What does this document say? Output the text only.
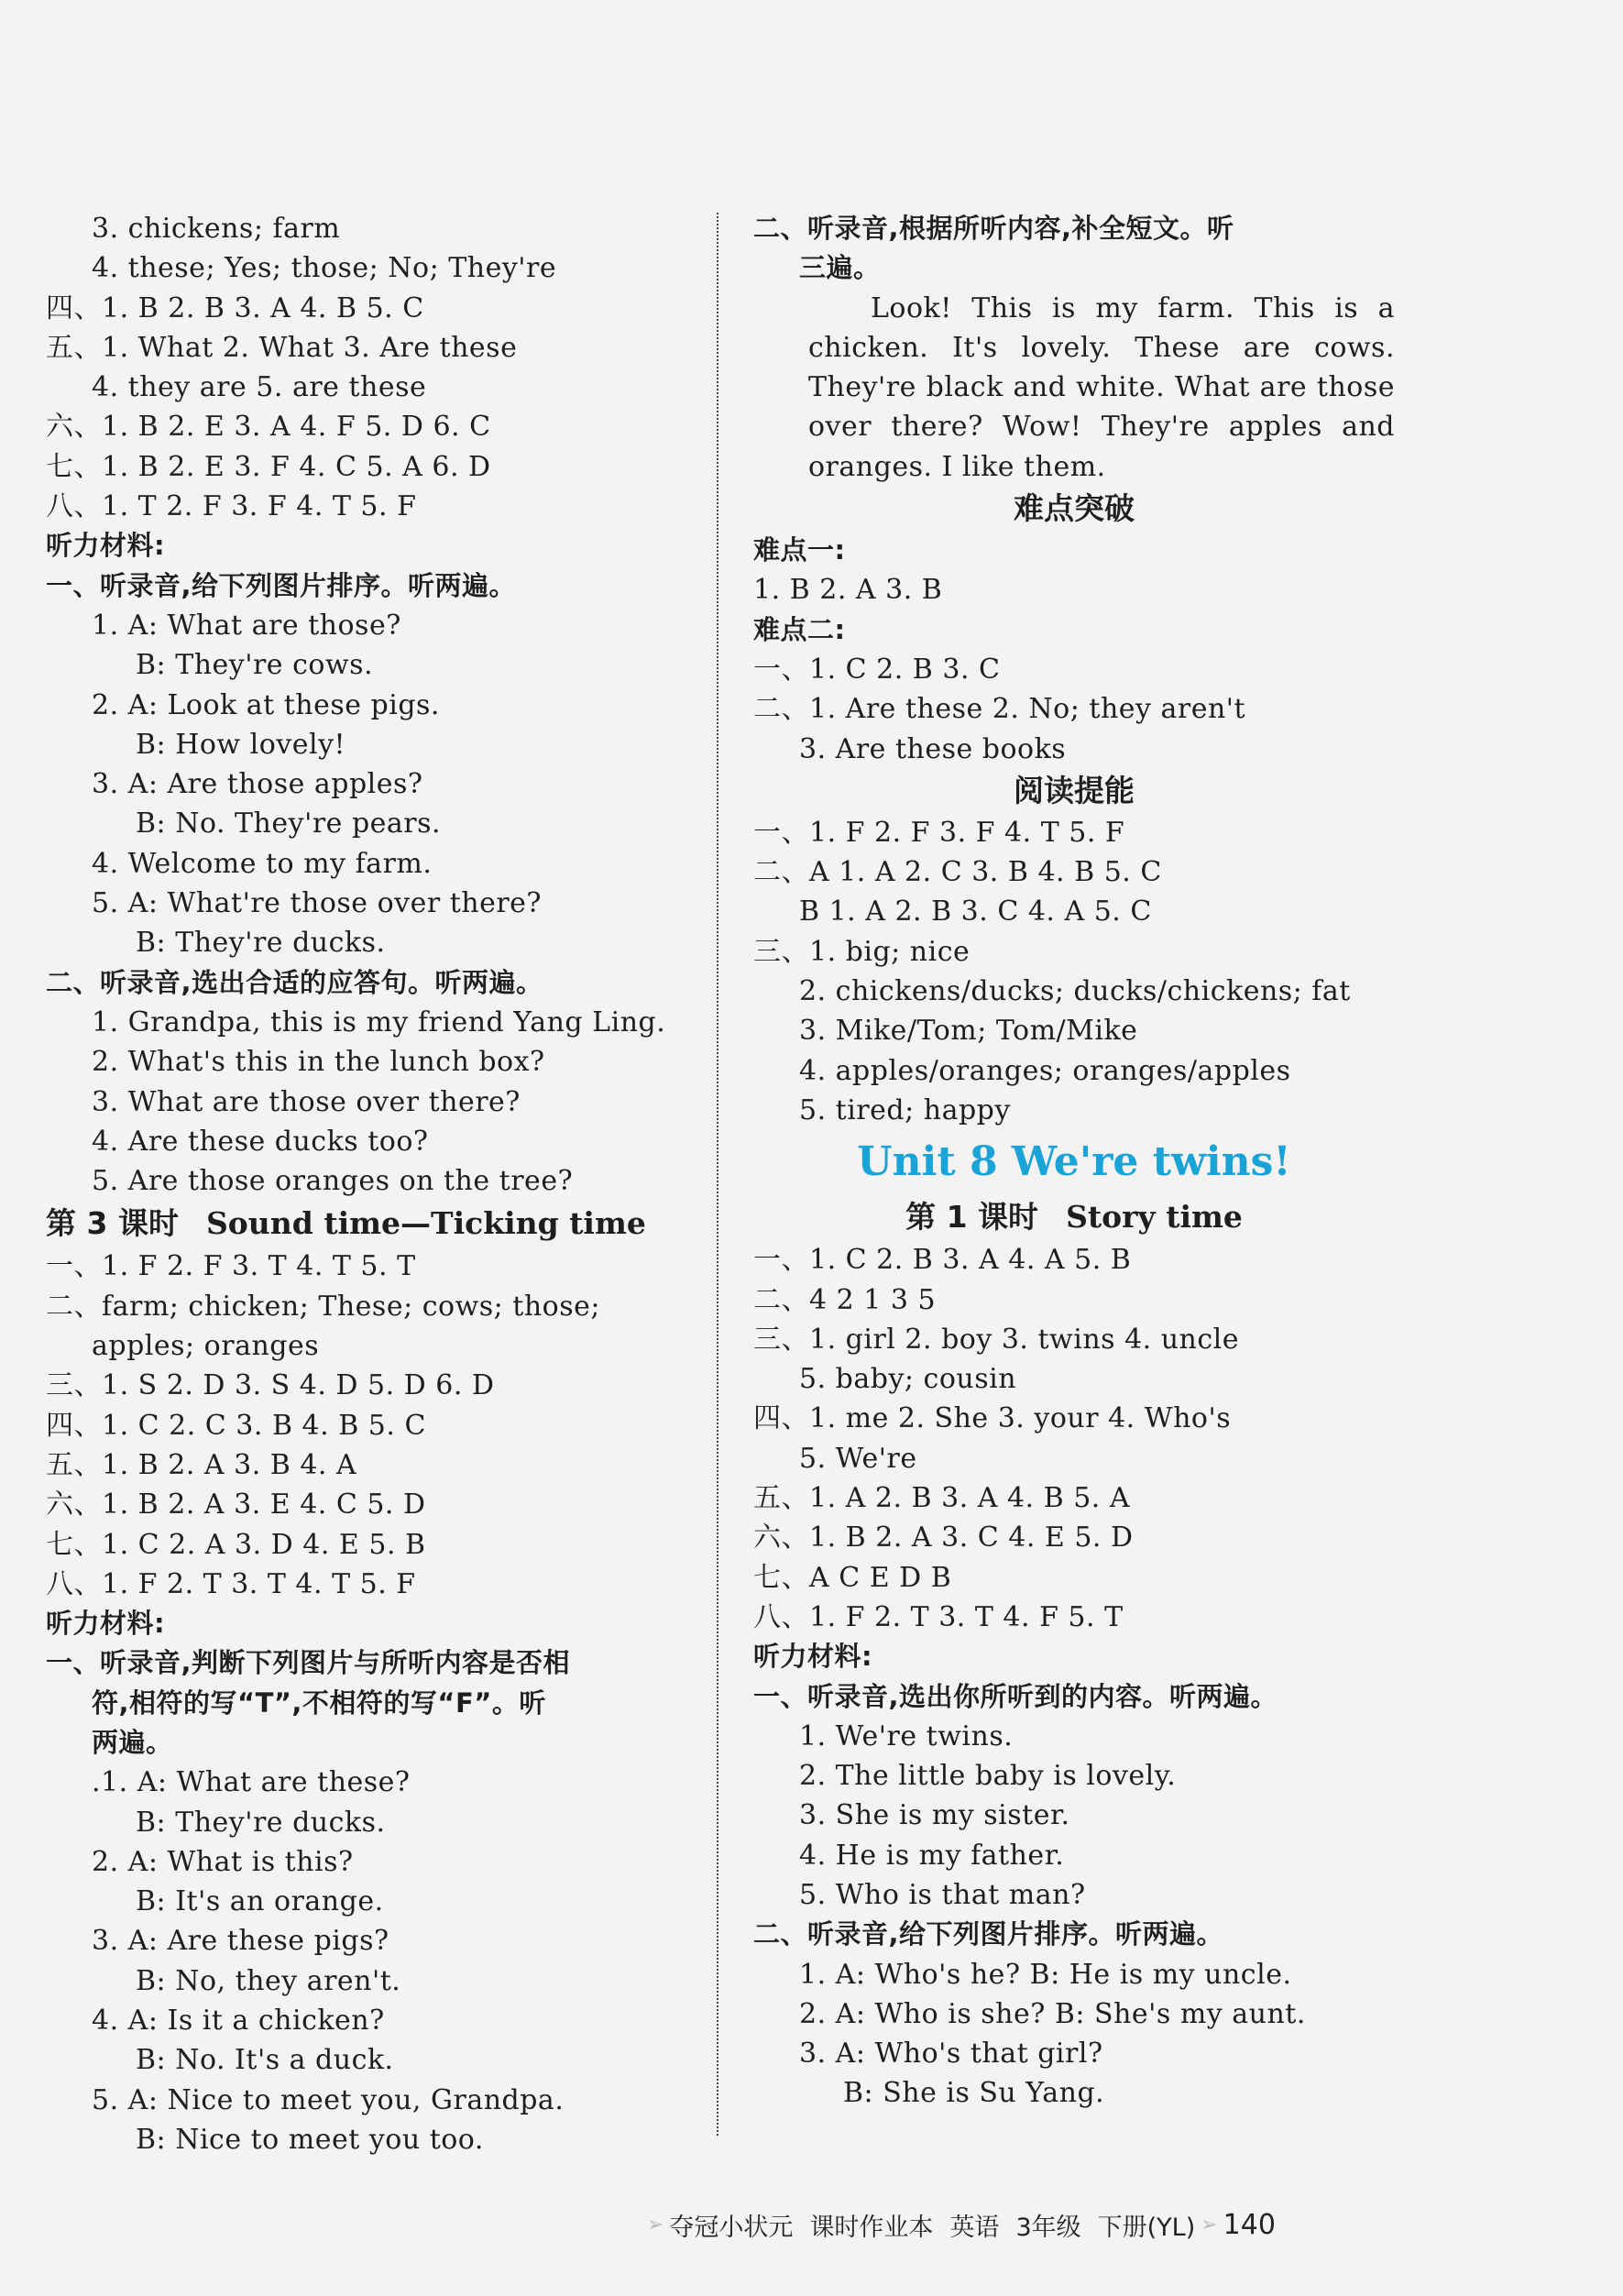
3. chickens; farm
4. these; Yes; those; No; They're
四、1. B 2. B 3. A 4. B 5. C
五、1. What 2. What 3. Are these
4. they are 5. are these
六、1. B 2. E 3. A 4. F 5. D 6. C
七、1. B 2. E 3. F 4. C 5. A 6. D
八、1. T 2. F 3. F 4. T 5. F
听力材料:
一、听录音,给下列图片排序。听两遍。
1. A: What are those?
B: They're cows.
2. A: Look at these pigs.
B: How lovely!
3. A: Are those apples?
B: No. They're pears.
4. Welcome to my farm.
5. A: What're those over there?
B: They're ducks.
二、听录音,选出合适的应答句。听两遍。
1. Grandpa, this is my friend Yang Ling.
2. What's this in the lunch box?
3. What are those over there?
4. Are these ducks too?
5. Are those oranges on the tree?
第 3 课时 Sound time—Ticking time
一、1. F 2. F 3. T 4. T 5. T
二、farm; chicken; These; cows; those;
apples; oranges
三、1. S 2. D 3. S 4. D 5. D 6. D
四、1. C 2. C 3. B 4. B 5. C
五、1. B 2. A 3. B 4. A
六、1. B 2. A 3. E 4. C 5. D
七、1. C 2. A 3. D 4. E 5. B
八、1. F 2. T 3. T 4. T 5. F
听力材料:
一、听录音,判断下列图片与所听内容是否相
符,相符的写“T”,不相符的写“F”。听
两遍。
.1. A: What are these?
B: They're ducks.
2. A: What is this?
B: It's an orange.
3. A: Are these pigs?
B: No, they aren't.
4. A: Is it a chicken?
B: No. It's a duck.
5. A: Nice to meet you, Grandpa.
B: Nice to meet you too.
二、听录音,根据所听内容,补全短文。听
三遍。
Look! This is my farm. This is a
chicken. It's lovely. These are cows.
They're black and white. What are those
over there? Wow! They're apples and
oranges. I like them.
难点突破
难点一:
1. B 2. A 3. B
难点二:
一、1. C 2. B 3. C
二、1. Are these 2. No; they aren't
3. Are these books
阅读提能
一、1. F 2. F 3. F 4. T 5. F
二、A 1. A 2. C 3. B 4. B 5. C
B 1. A 2. B 3. C 4. A 5. C
三、1. big; nice
2. chickens/ducks; ducks/chickens; fat
3. Mike/Tom; Tom/Mike
4. apples/oranges; oranges/apples
5. tired; happy
Unit 8 We're twins!
第 1 课时 Story time
一、1. C 2. B 3. A 4. A 5. B
二、4 2 1 3 5
三、1. girl 2. boy 3. twins 4. uncle
5. baby; cousin
四、1. me 2. She 3. your 4. Who's
5. We're
五、1. A 2. B 3. A 4. B 5. A
六、1. B 2. A 3. C 4. E 5. D
七、A C E D B
八、1. F 2. T 3. T 4. F 5. T
听力材料:
一、听录音,选出你所听到的内容。听两遍。
1. We're twins.
2. The little baby is lovely.
3. She is my sister.
4. He is my father.
5. Who is that man?
二、听录音,给下列图片排序。听两遍。
1. A: Who's he? B: He is my uncle.
2. A: Who is she? B: She's my aunt.
3. A: Who's that girl?
B: She is Su Yang.
➢ 夺冠小状元 课时作业本 英语 3年级 下册(YL) ➢ 140
